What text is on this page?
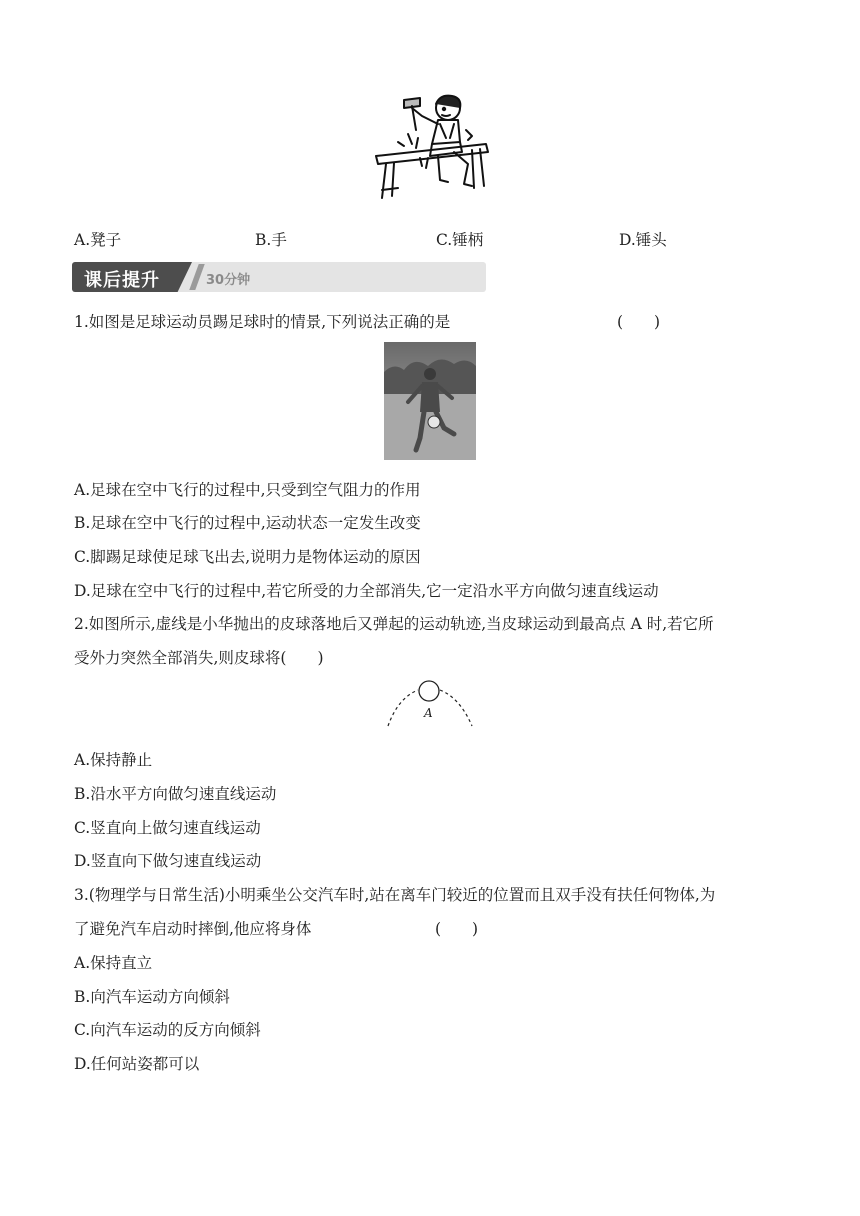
A.凳子	B.手	C.锤柄	D.锤头
课后提升	30分钟
1.如图是足球运动员踢足球时的情景,下列说法正确的是	(　　)
A.足球在空中飞行的过程中,只受到空气阻力的作用
B.足球在空中飞行的过程中,运动状态一定发生改变
C.脚踢足球使足球飞出去,说明力是物体运动的原因
D.足球在空中飞行的过程中,若它所受的力全部消失,它一定沿水平方向做匀速直线运动
2.如图所示,虚线是小华抛出的皮球落地后又弹起的运动轨迹,当皮球运动到最高点 A 时,若它所
受外力突然全部消失,则皮球将(　　)
A
A.保持静止
B.沿水平方向做匀速直线运动
C.竖直向上做匀速直线运动
D.竖直向下做匀速直线运动
3.(物理学与日常生活)小明乘坐公交汽车时,站在离车门较近的位置而且双手没有扶任何物体,为
了避免汽车启动时摔倒,他应将身体	(　　)
A.保持直立
B.向汽车运动方向倾斜
C.向汽车运动的反方向倾斜
D.任何站姿都可以
